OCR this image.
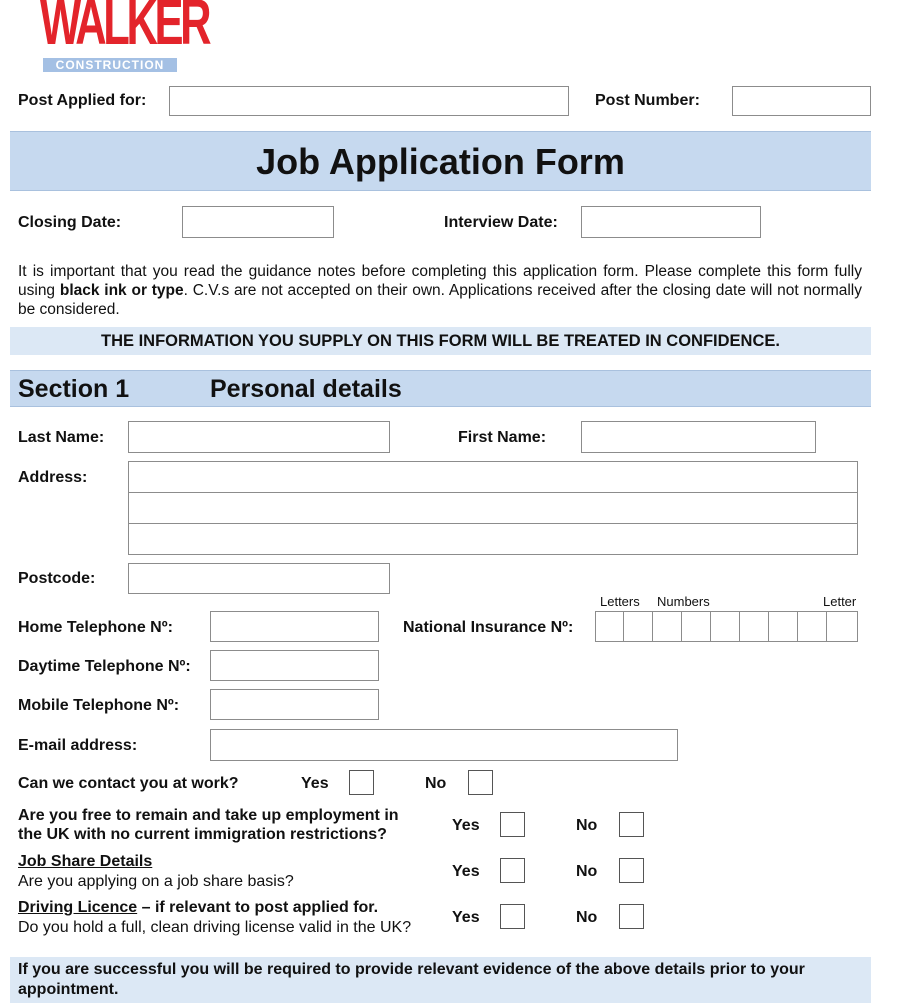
WALKER
CONSTRUCTION
Post Applied for:	Post Number:
Job Application Form
Closing Date:	Interview Date:
It is important that you read the guidance notes before completing this application form. Please complete this form fully using black ink or type. C.V.s are not accepted on their own. Applications received after the closing date will not normally be considered.
THE INFORMATION YOU SUPPLY ON THIS FORM WILL BE TREATED IN CONFIDENCE.
Section 1	Personal details
Last Name:	First Name:
Address:
Postcode:
Letters Numbers	Letter
Home Telephone Nº:	National Insurance Nº:
Daytime Telephone Nº:
Mobile Telephone Nº:
E-mail address:
Can we contact you at work?	Yes	No
Are you free to remain and take up employment in
the UK with no current immigration restrictions?
Yes	No
Job Share Details
Are you applying on a job share basis?
Yes	No
Driving Licence – if relevant to post applied for.
Do you hold a full, clean driving license valid in the UK?
Yes	No
If you are successful you will be required to provide relevant evidence of the above details prior to your appointment.
